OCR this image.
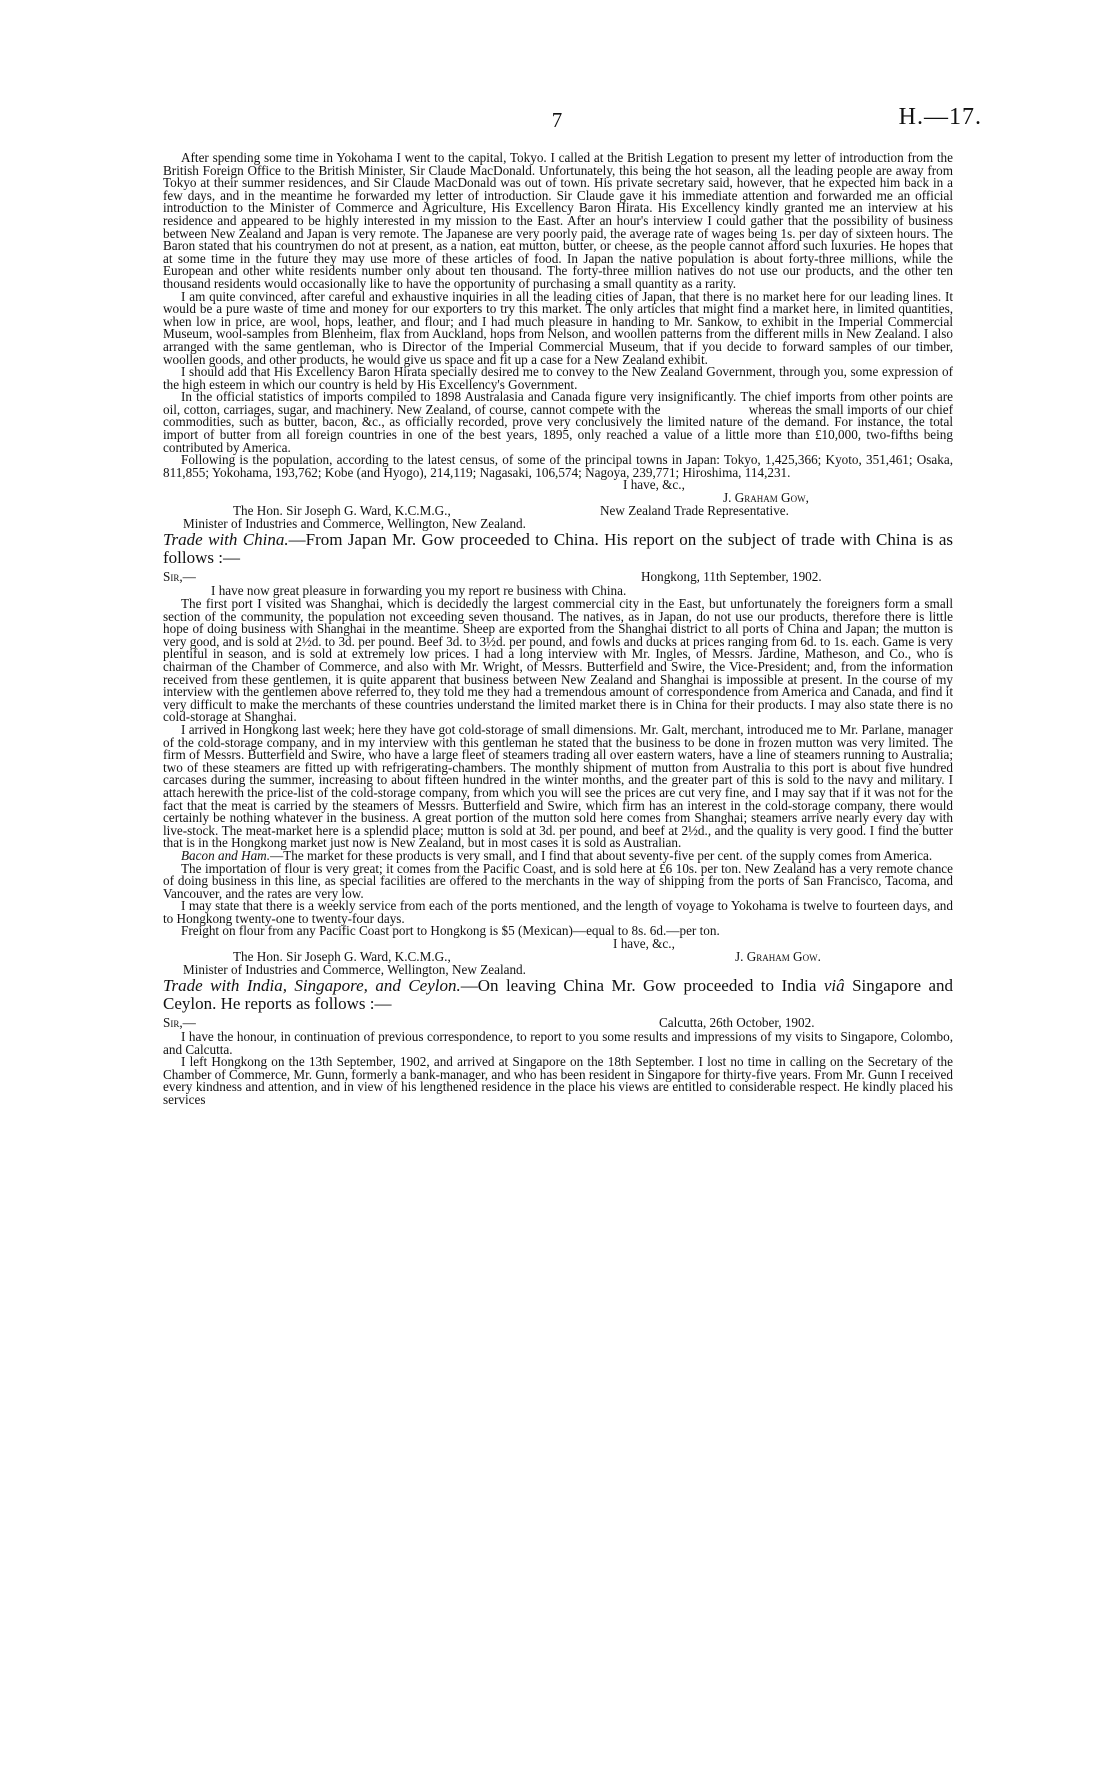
7	H.—17.

After spending some time in Yokohama I went to the capital, Tokyo. I called at the British Legation to present my letter of introduction from the British Foreign Office to the British Minister, Sir Claude MacDonald. Unfortunately, this being the hot season, all the leading people are away from Tokyo at their summer residences, and Sir Claude MacDonald was out of town. His private secretary said, however, that he expected him back in a few days, and in the meantime he forwarded my letter of introduction. Sir Claude gave it his immediate attention and forwarded me an official introduction to the Minister of Commerce and Agriculture, His Excellency Baron Hirata. His Excellency kindly granted me an interview at his residence and appeared to be highly interested in my mission to the East. After an hour's interview I could gather that the possibility of business between New Zealand and Japan is very remote. The Japanese are very poorly paid, the average rate of wages being 1s. per day of sixteen hours. The Baron stated that his countrymen do not at present, as a nation, eat mutton, butter, or cheese, as the people cannot afford such luxuries. He hopes that at some time in the future they may use more of these articles of food. In Japan the native population is about forty-three millions, while the European and other white residents number only about ten thousand. The forty-three million natives do not use our products, and the other ten thousand residents would occasionally like to have the opportunity of purchasing a small quantity as a rarity.

I am quite convinced, after careful and exhaustive inquiries in all the leading cities of Japan, that there is no market here for our leading lines. It would be a pure waste of time and money for our exporters to try this market. The only articles that might find a market here, in limited quantities, when low in price, are wool, hops, leather, and flour; and I had much pleasure in handing to Mr. Sankow, to exhibit in the Imperial Commercial Museum, wool-samples from Blenheim, flax from Auckland, hops from Nelson, and woollen patterns from the different mills in New Zealand. I also arranged with the same gentleman, who is Director of the Imperial Commercial Museum, that if you decide to forward samples of our timber, woollen goods, and other products, he would give us space and fit up a case for a New Zealand exhibit.

I should add that His Excellency Baron Hirata specially desired me to convey to the New Zealand Government, through you, some expression of the high esteem in which our country is held by His Excellency's Government.

In the official statistics of imports compiled to 1898 Australasia and Canada figure very insignificantly. The chief imports from other points are oil, cotton, carriages, sugar, and machinery. New Zealand, of course, cannot compete with the                         whereas the small imports of our chief commodities, such as butter, bacon, &c., as officially recorded, prove very conclusively the limited nature of the demand. For instance, the total import of butter from all foreign countries in one of the best years, 1895, only reached a value of a little more than £10,000, two-fifths being contributed by America.

Following is the population, according to the latest census, of some of the principal towns in Japan: Tokyo, 1,425,366; Kyoto, 351,461; Osaka, 811,855; Yokohama, 193,762; Kobe (and Hyogo), 214,119; Nagasaki, 106,574; Nagoya, 239,771; Hiroshima, 114,231.

I have, &c.,
J. Graham Gow,
The Hon. Sir Joseph G. Ward, K.C.M.G.,	New Zealand Trade Representative.
Minister of Industries and Commerce, Wellington, New Zealand.

Trade with China.—From Japan Mr. Gow proceeded to China. His report on the subject of trade with China is as follows :—

Sir,—	Hongkong, 11th September, 1902.

I have now great pleasure in forwarding you my report re business with China.

The first port I visited was Shanghai, which is decidedly the largest commercial city in the East, but unfortunately the foreigners form a small section of the community, the population not exceeding seven thousand. The natives, as in Japan, do not use our products, therefore there is little hope of doing business with Shanghai in the meantime. Sheep are exported from the Shanghai district to all ports of China and Japan; the mutton is very good, and is sold at 2½d. to 3d. per pound. Beef 3d. to 3½d. per pound, and fowls and ducks at prices ranging from 6d. to 1s. each. Game is very plentiful in season, and is sold at extremely low prices. I had a long interview with Mr. Ingles, of Messrs. Jardine, Matheson, and Co., who is chairman of the Chamber of Commerce, and also with Mr. Wright, of Messrs. Butterfield and Swire, the Vice-President; and, from the information received from these gentlemen, it is quite apparent that business between New Zealand and Shanghai is impossible at present. In the course of my interview with the gentlemen above referred to, they told me they had a tremendous amount of correspondence from America and Canada, and find it very difficult to make the merchants of these countries understand the limited market there is in China for their products. I may also state there is no cold-storage at Shanghai.

I arrived in Hongkong last week; here they have got cold-storage of small dimensions. Mr. Galt, merchant, introduced me to Mr. Parlane, manager of the cold-storage company, and in my interview with this gentleman he stated that the business to be done in frozen mutton was very limited. The firm of Messrs. Butterfield and Swire, who have a large fleet of steamers trading all over eastern waters, have a line of steamers running to Australia; two of these steamers are fitted up with refrigerating-chambers. The monthly shipment of mutton from Australia to this port is about five hundred carcases during the summer, increasing to about fifteen hundred in the winter months, and the greater part of this is sold to the navy and military. I attach herewith the price-list of the cold-storage company, from which you will see the prices are cut very fine, and I may say that if it was not for the fact that the meat is carried by the steamers of Messrs. Butterfield and Swire, which firm has an interest in the cold-storage company, there would certainly be nothing whatever in the business. A great portion of the mutton sold here comes from Shanghai; steamers arrive nearly every day with live-stock. The meat-market here is a splendid place; mutton is sold at 3d. per pound, and beef at 2½d., and the quality is very good. I find the butter that is in the Hongkong market just now is New Zealand, but in most cases it is sold as Australian.

Bacon and Ham.—The market for these products is very small, and I find that about seventy-five per cent. of the supply comes from America.

The importation of flour is very great; it comes from the Pacific Coast, and is sold here at £6 10s. per ton. New Zealand has a very remote chance of doing business in this line, as special facilities are offered to the merchants in the way of shipping from the ports of San Francisco, Tacoma, and Vancouver, and the rates are very low.

I may state that there is a weekly service from each of the ports mentioned, and the length of voyage to Yokohama is twelve to fourteen days, and to Hongkong twenty-one to twenty-four days.

Freight on flour from any Pacific Coast port to Hongkong is $5 (Mexican)—equal to 8s. 6d.—per ton.

I have, &c.,
The Hon. Sir Joseph G. Ward, K.C.M.G.,	J. Graham Gow.
Minister of Industries and Commerce, Wellington, New Zealand.

Trade with India, Singapore, and Ceylon.—On leaving China Mr. Gow proceeded to India viâ Singapore and Ceylon. He reports as follows :—

Sir,—	Calcutta, 26th October, 1902.

I have the honour, in continuation of previous correspondence, to report to you some results and impressions of my visits to Singapore, Colombo, and Calcutta.

I left Hongkong on the 13th September, 1902, and arrived at Singapore on the 18th September. I lost no time in calling on the Secretary of the Chamber of Commerce, Mr. Gunn, formerly a bank-manager, and who has been resident in Singapore for thirty-five years. From Mr. Gunn I received every kindness and attention, and in view of his lengthened residence in the place his views are entitled to considerable respect. He kindly placed his services
